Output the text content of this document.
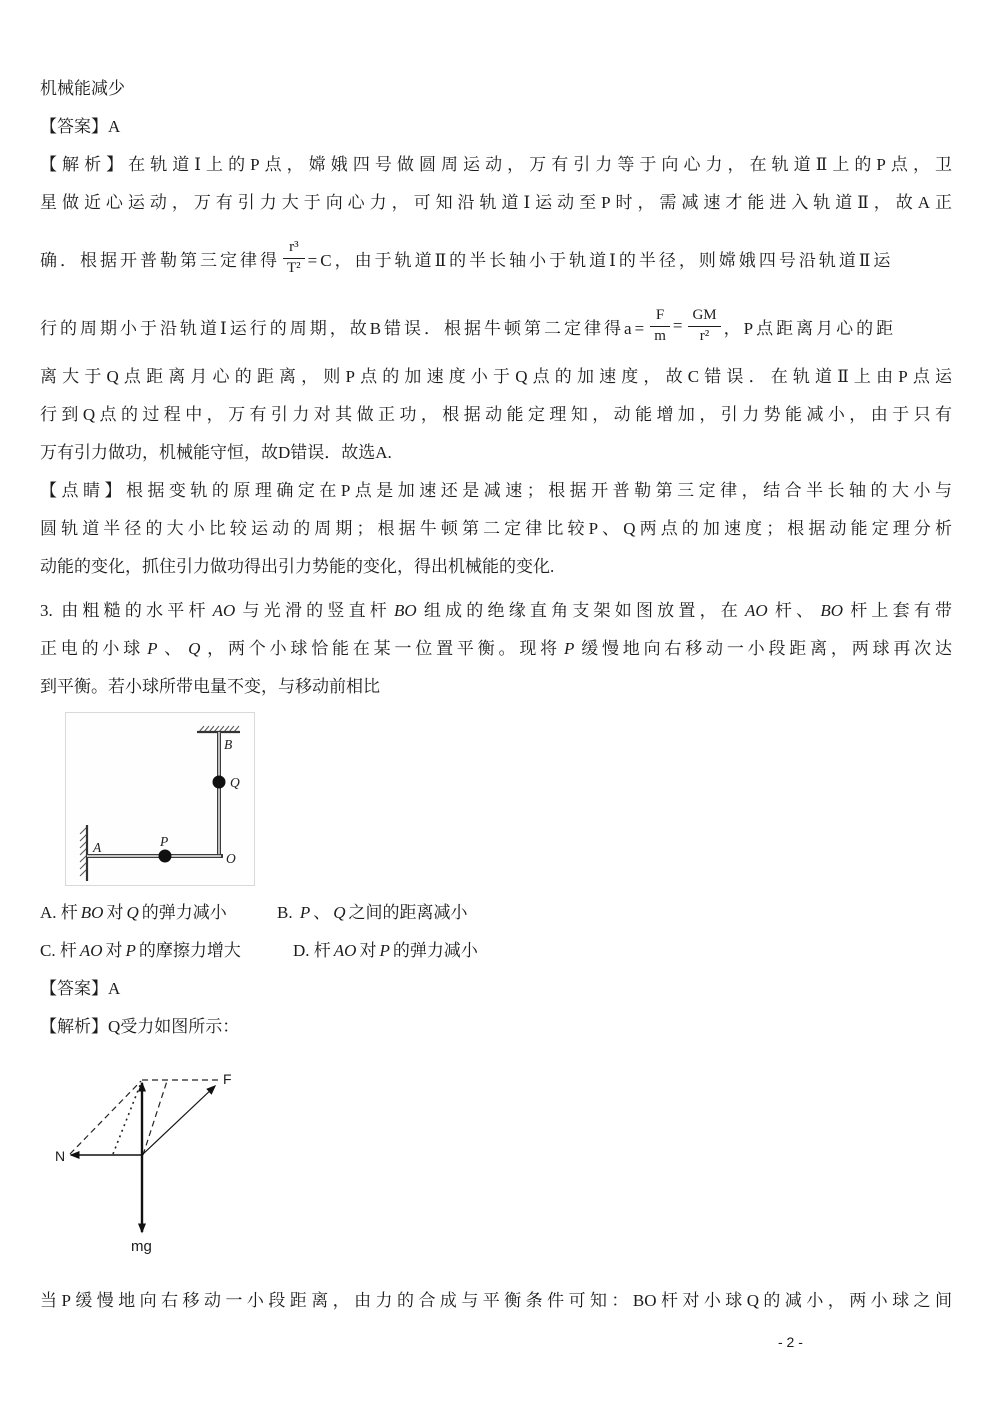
机械能减少
【答案】A
【解析】在轨道Ⅰ上的P点，嫦娥四号做圆周运动，万有引力等于向心力，在轨道Ⅱ上的P点，卫
星做近心运动，万有引力大于向心力，可知沿轨道Ⅰ运动至P时，需减速才能进入轨道Ⅱ，故A正
确．根据开普勒第三定律得 $\frac{\text{r³}}{\text{T²}} =C$，由于轨道Ⅱ的半长轴小于轨道Ⅰ的半径，则嫦娥四号沿轨道Ⅱ运
行的周期小于沿轨道Ⅰ运行的周期，故B错误．根据牛顿第二定律得$a= \frac{F}{m} = \frac{GM}{\text{r²}}$ ，P点距离月心的距
离大于Q点距离月心的距离，则P点的加速度小于Q点的加速度，故C错误．在轨道Ⅱ上由P点运
行到Q点的过程中，万有引力对其做正功，根据动能定理知，动能增加，引力势能减小，由于只有
万有引力做功，机械能守恒，故D错误．故选A.
【点睛】根据变轨的原理确定在P点是加速还是减速；根据开普勒第三定律，结合半长轴的大小与
圆轨道半径的大小比较运动的周期；根据牛顿第二定律比较P、Q两点的加速度；根据动能定理分析
动能的变化，抓住引力做功得出引力势能的变化，得出机械能的变化.
3. 由粗糙的水平杆 AO 与光滑的竖直杆 BO 组成的绝缘直角支架如图放置，在 AO 杆、 BO 杆上套有带
正电的小球 P 、 Q ，两个小球恰能在某一位置平衡。现将 P 缓慢地向右移动一小段距离，两球再次达
到平衡。若小球所带电量不变，与移动前相比
B
Q
A	P
O
A. 杆 BO 对 Q 的弹力减小	B. P 、 Q 之间的距离减小
C. 杆 AO 对 P 的摩擦力增大	D. 杆 AO 对 P 的弹力减小
【答案】A
【解析】Q受力如图所示：
N
F
mg
当P缓慢地向右移动一小段距离，由力的合成与平衡条件可知：BO杆对小球Q的减小，两小球之间
- 2 -
